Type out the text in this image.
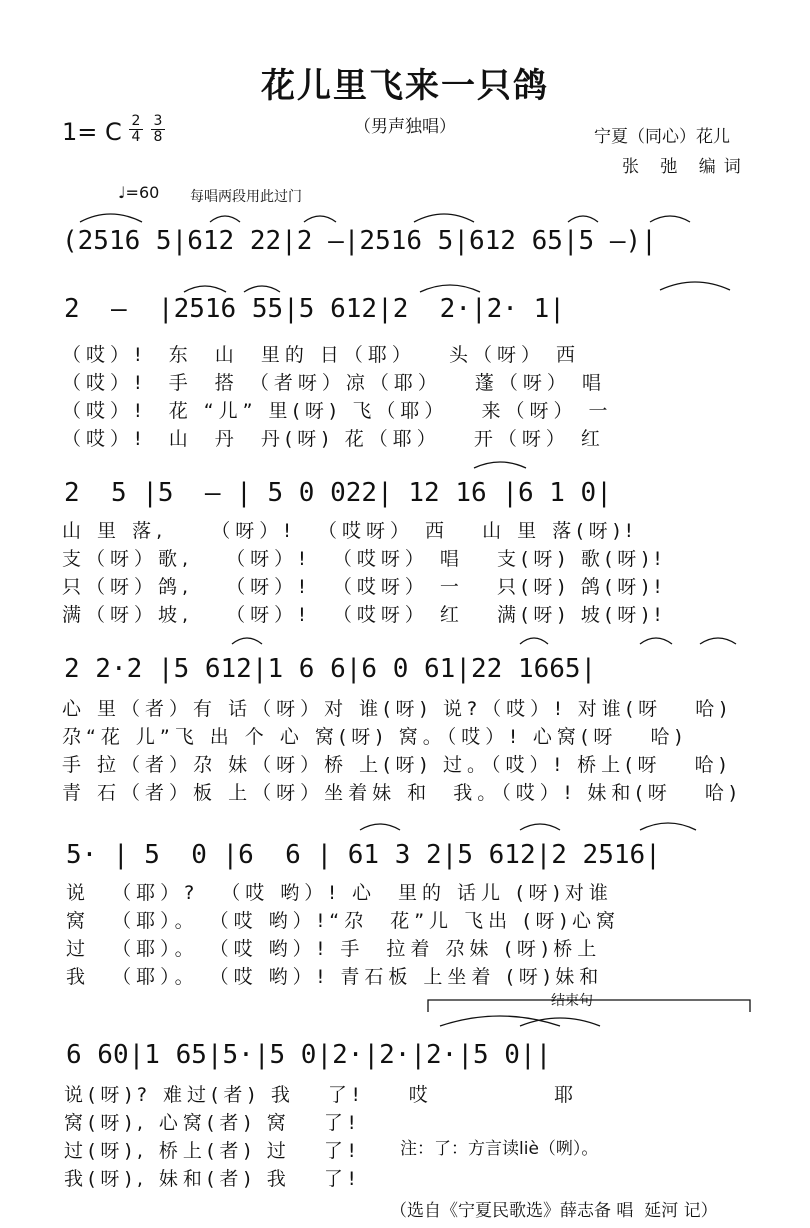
花儿里飞来一只鸽
（男声独唱）
1= C 2
4
3
8	宁夏（同心）花儿
张 弛 编词
♩=60 每唱两段用此过门
(2516 5|612 22|2 –|2516 5|612 65|5 –)|
2  –  |2516 55|5 612|2  2·|2· 1|
（哎）!  东  山  里的 日（耶）   头（呀） 西
（哎）!  手  搭 （者呀）凉（耶）   蓬（呀） 唱
（哎）!  花 “儿” 里(呀) 飞（耶）   来（呀） 一
（哎）!  山  丹  丹(呀) 花（耶）   开（呀） 红
2  5 |5  – | 5 0 022| 12 16 |6 1 0|
山 里 落,    （呀）!  （哎呀） 西   山 里 落(呀)!
支（呀）歌,   （呀）!  （哎呀） 唱   支(呀) 歌(呀)!
只（呀）鸽,   （呀）!  （哎呀） 一   只(呀) 鸽(呀)!
满（呀）坡,   （呀）!  （哎呀） 红   满(呀) 坡(呀)!
2 2·2 |5 612|1 6 6|6 0 61|22 1665|
心 里（者）有 话（呀）对 谁(呀) 说?（哎）! 对谁(呀   哈)
尕“花 儿”飞 出 个 心 窝(呀) 窝。（哎）! 心窝(呀   哈)
手 拉（者）尕 妹（呀）桥 上(呀) 过。（哎）! 桥上(呀   哈)
青 石（者）板 上（呀）坐着妹 和  我。（哎）! 妹和(呀   哈)
5· | 5  0 |6  6 | 61 3 2|5 612|2 2516|
说  （耶）?  （哎 哟）! 心  里的 话儿 (呀)对谁
窝  （耶）。 （哎 哟）!“尕  花”儿 飞出 (呀)心窝
过  （耶）。 （哎 哟）! 手  拉着 尕妹 (呀)桥上
我  （耶）。 （哎 哟）! 青石板 上坐着 (呀)妹和
结束句
6 60|1 65|5·|5 0|2·|2·|2·|5 0||
说(呀)? 难过(者) 我   了!    哎           耶
窝(呀), 心窝(者) 窝   了!
过(呀), 桥上(者) 过   了!
我(呀), 妹和(者) 我   了!
注：了：方言读liè（咧）。
（选自《宁夏民歌选》薛志备 唱  延河 记）
